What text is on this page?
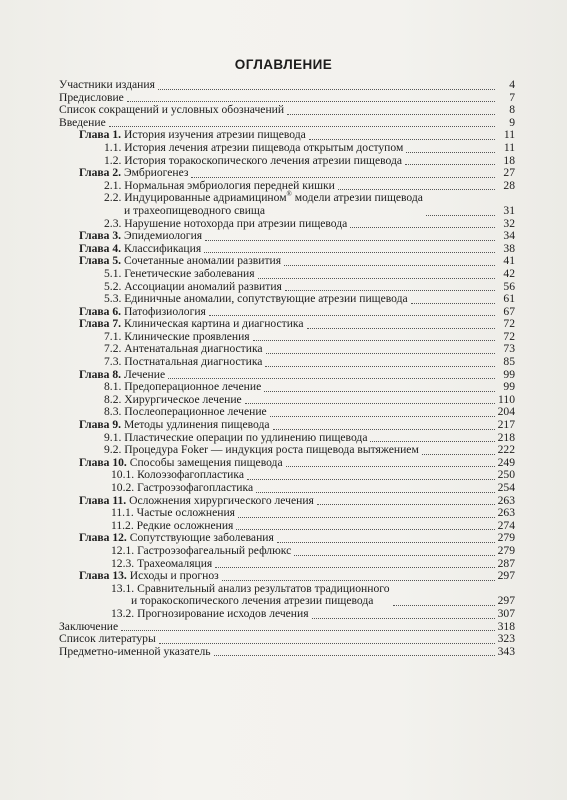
ОГЛАВЛЕНИЕ
Участники издания	4
Предисловие	7
Список сокращений и условных обозначений	8
Введение	9
Глава 1. История изучения атрезии пищевода	11
1.1. История лечения атрезии пищевода открытым доступом	11
1.2. История торакоскопического лечения атрезии пищевода	18
Глава 2. Эмбриогенез	27
2.1. Нормальная эмбриология передней кишки	28
2.2. Индуцированные адриамицином® модели атрезии пищевода
и трахеопищеводного свища	31
2.3. Нарушение нотохорда при атрезии пищевода	32
Глава 3. Эпидемиология	34
Глава 4. Классификация	38
Глава 5. Сочетанные аномалии развития	41
5.1. Генетические заболевания	42
5.2. Ассоциации аномалий развития	56
5.3. Единичные аномалии, сопутствующие атрезии пищевода	61
Глава 6. Патофизиология	67
Глава 7. Клиническая картина и диагностика	72
7.1. Клинические проявления	72
7.2. Антенатальная диагностика	73
7.3. Постнатальная диагностика	85
Глава 8. Лечение	99
8.1. Предоперационное лечение	99
8.2. Хирургическое лечение	110
8.3. Послеоперационное лечение	204
Глава 9. Методы удлинения пищевода	217
9.1. Пластические операции по удлинению пищевода	218
9.2. Процедура Foker — индукция роста пищевода вытяжением	222
Глава 10. Способы замещения пищевода	249
10.1. Колоэзофагопластика	250
10.2. Гастроэзофагопластика	254
Глава 11. Осложнения хирургического лечения	263
11.1. Частые осложнения	263
11.2. Редкие осложнения	274
Глава 12. Сопутствующие заболевания	279
12.1. Гастроэзофагеальный рефлюкс	279
12.3. Трахеомаляция	287
Глава 13. Исходы и прогноз	297
13.1. Сравнительный анализ результатов традиционного
и торакоскопического лечения атрезии пищевода	297
13.2. Прогнозирование исходов лечения	307
Заключение	318
Список литературы	323
Предметно-именной указатель	343
